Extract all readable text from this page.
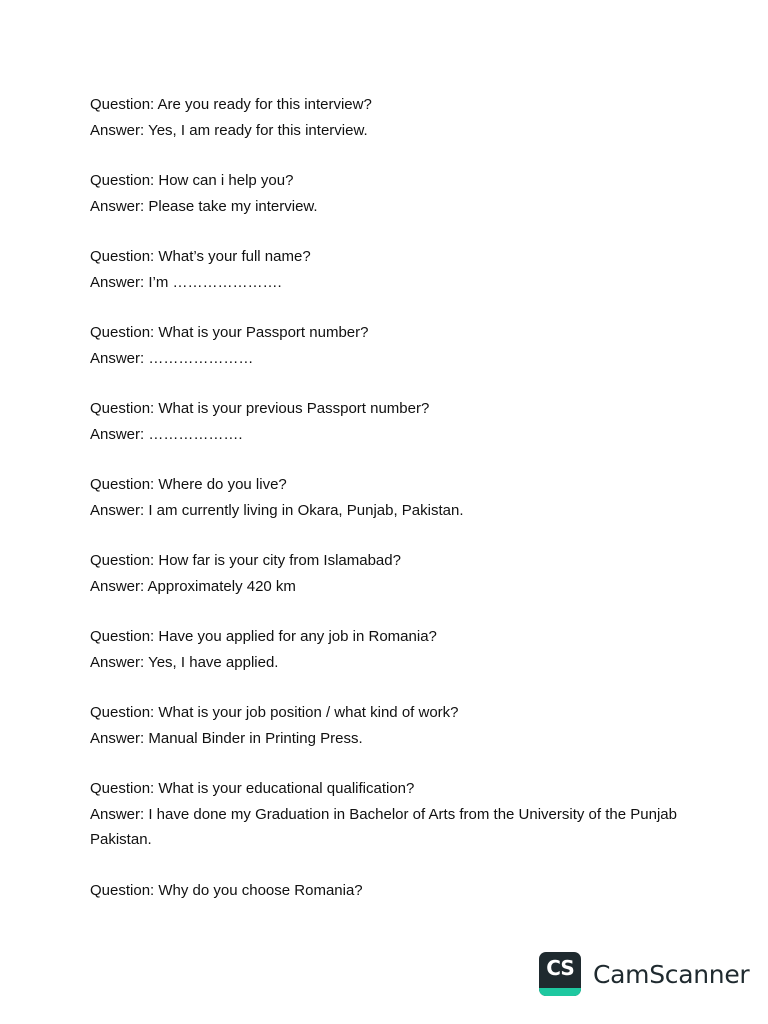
Question: Are you ready for this interview?
Answer: Yes, I am ready for this interview.
Question: How can i help you?
Answer: Please take my interview.
Question: What’s your full name?
Answer: I’m ………………….
Question: What is your Passport number?
Answer: …………………
Question: What is your previous Passport number?
Answer: ……………….
Question: Where do you live?
Answer: I am currently living in Okara, Punjab, Pakistan.
Question: How far is your city from Islamabad?
Answer: Approximately 420 km
Question: Have you applied for any job in Romania?
Answer: Yes, I have applied.
Question: What is your job position / what kind of work?
Answer: Manual Binder in Printing Press.
Question: What is your educational qualification?
Answer: I have done my Graduation in Bachelor of Arts from the University of the Punjab Pakistan.
Question: Why do you choose Romania?
CS CamScanner
